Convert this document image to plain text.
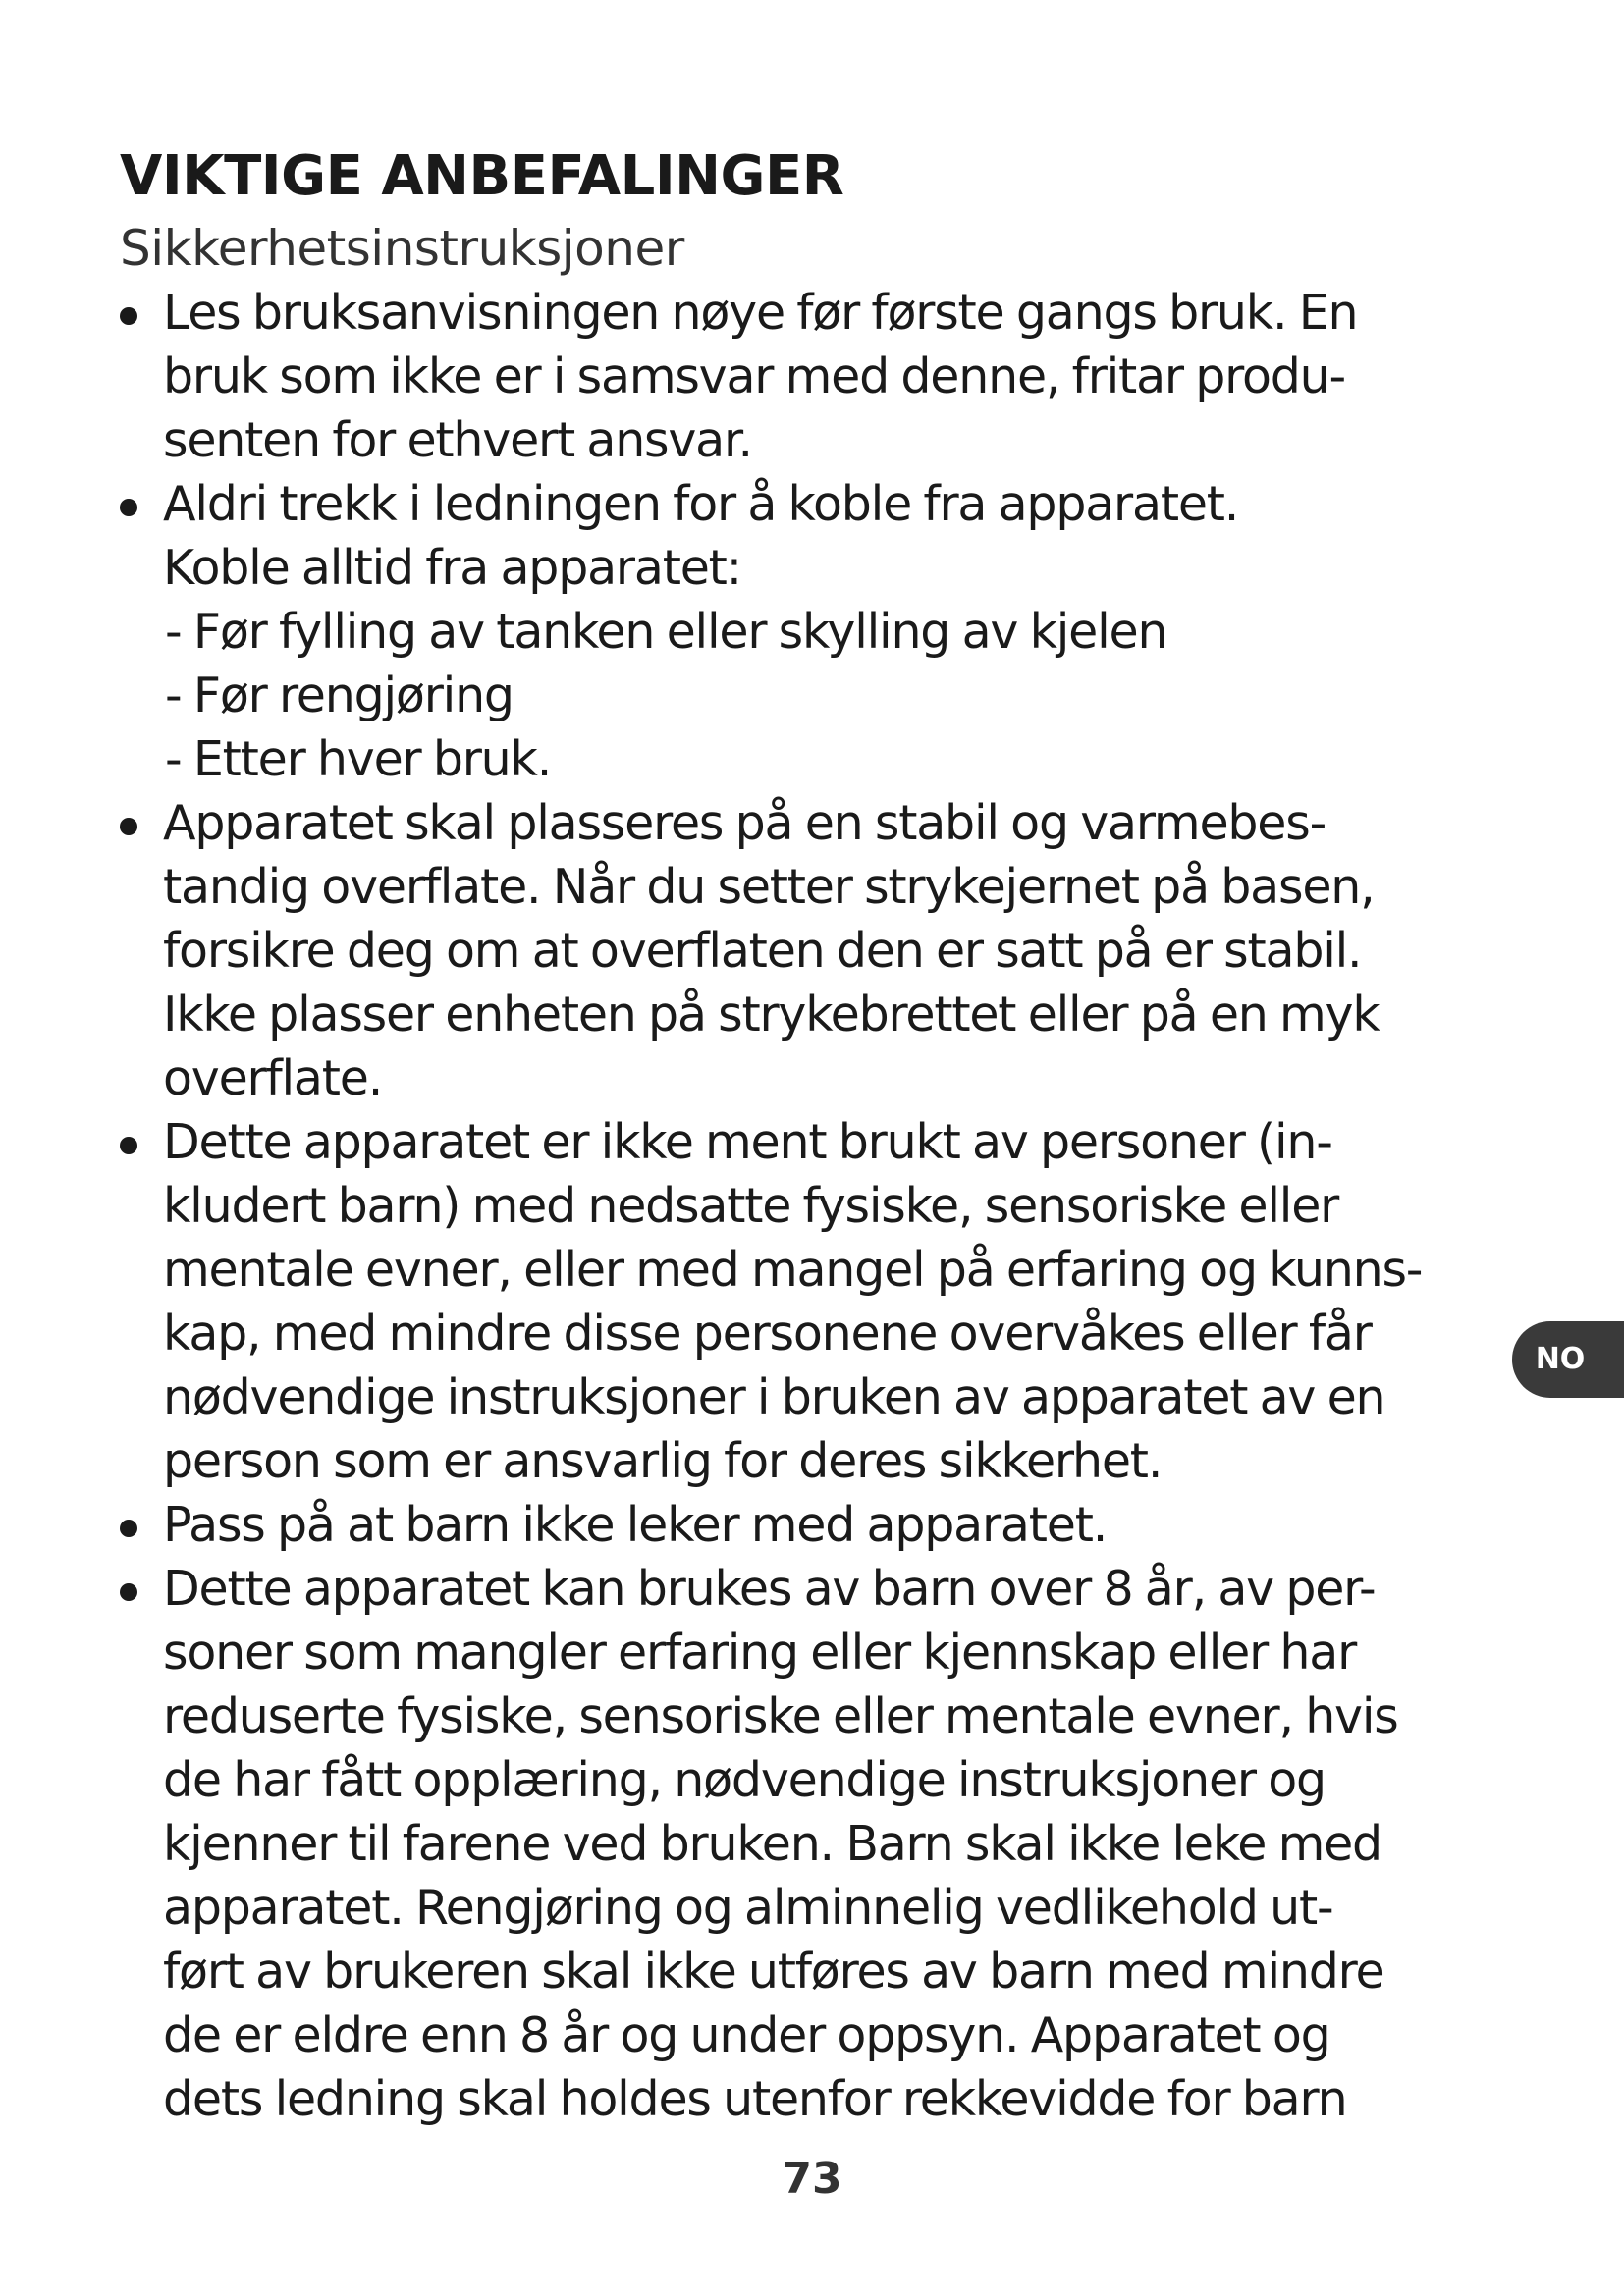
VIKTIGE ANBEFALINGER
Sikkerhetsinstruksjoner
Les bruksanvisningen nøye før første gangs bruk. En
bruk som ikke er i samsvar med denne, fritar produ-
senten for ethvert ansvar.
Aldri trekk i ledningen for å koble fra apparatet.
Koble alltid fra apparatet:
- Før fylling av tanken eller skylling av kjelen
- Før rengjøring
- Etter hver bruk.
Apparatet skal plasseres på en stabil og varmebes-
tandig overflate. Når du setter strykejernet på basen,
forsikre deg om at overflaten den er satt på er stabil.
Ikke plasser enheten på strykebrettet eller på en myk
overflate.
Dette apparatet er ikke ment brukt av personer (in-
kludert barn) med nedsatte fysiske, sensoriske eller
mentale evner, eller med mangel på erfaring og kunns-
kap, med mindre disse personene overvåkes eller får
nødvendige instruksjoner i bruken av apparatet av en
person som er ansvarlig for deres sikkerhet.
Pass på at barn ikke leker med apparatet.
Dette apparatet kan brukes av barn over 8 år, av per-
soner som mangler erfaring eller kjennskap eller har
reduserte fysiske, sensoriske eller mentale evner, hvis
de har fått opplæring, nødvendige instruksjoner og
kjenner til farene ved bruken. Barn skal ikke leke med
apparatet. Rengjøring og alminnelig vedlikehold ut-
ført av brukeren skal ikke utføres av barn med mindre
de er eldre enn 8 år og under oppsyn. Apparatet og
dets ledning skal holdes utenfor rekkevidde for barn
NO
73
